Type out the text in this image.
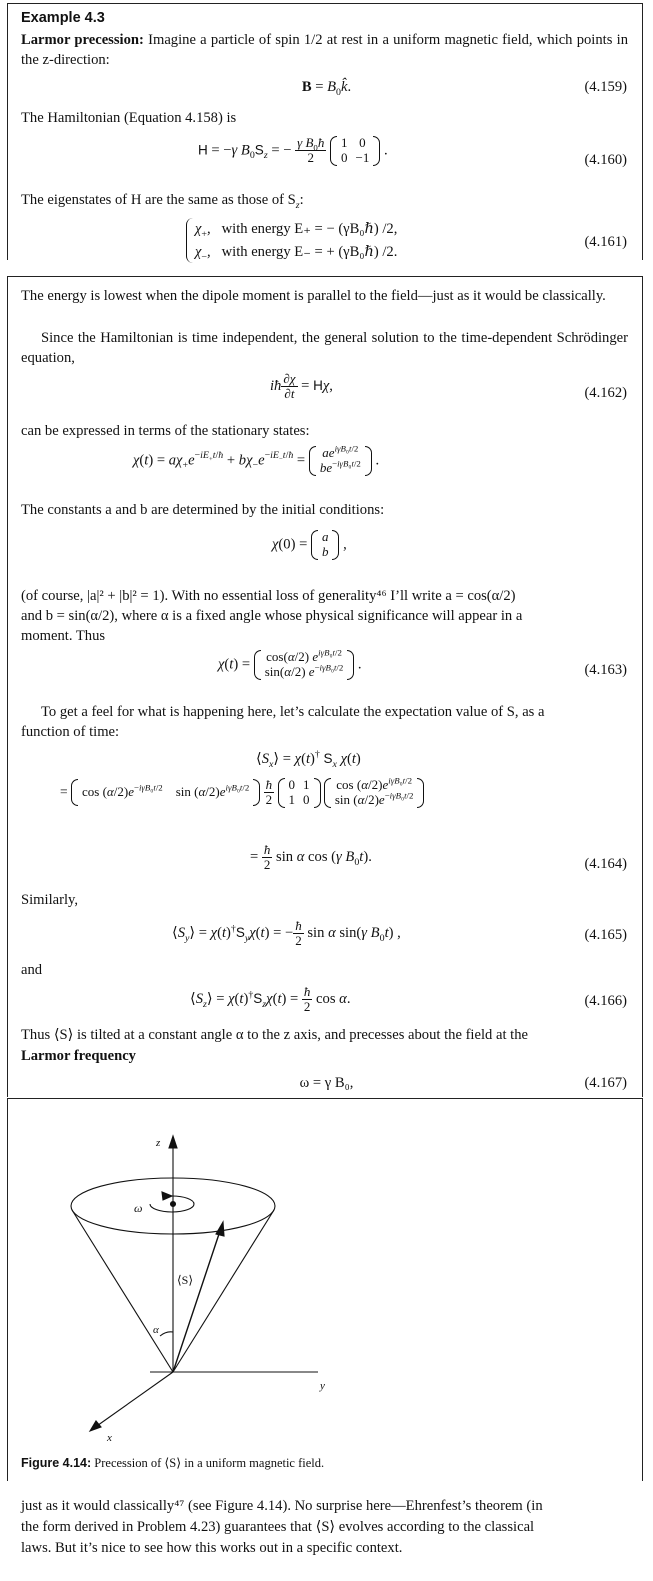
Example 4.3
Larmor precession: Imagine a particle of spin 1/2 at rest in a uniform magnetic field, which points in the z-direction:
$B = B_0k̂$.	(4.159)
The Hamiltonian (Equation 4.158) is
H = −γ $B_0S_z$ = − $\frac{\gamma B_0ħ}{2}$
1	0
0	−1 .
(4.160)
The eigenstates of H are the same as those of $S_z$:
$\chi_+$,   with energy E₊ = − (γB₀ℏ) /2,
$\chi_-$,   with energy E₋ = + (γB₀ℏ) /2.
(4.161)
The energy is lowest when the dipole moment is parallel to the field—just as it would be classically.
Since the Hamiltonian is time independent, the general solution to the time-dependent Schrödinger equation,
iħ $\frac{\partial\chi}{\partial t} = H\chi$,	(4.162)
can be expressed in terms of the stationary states:
$\chi(t) = a\chi_+e^{-iE_+t/ħ} + b\chi_-e^{-iE_-t/ħ} = ae^{i\gamma B_0t/2}$
$be^{-i\gamma B_0t/2}$ .
The constants a and b are determined by the initial conditions:
χ(0) = a
b ,
(of course, |a|² + |b|² = 1). With no essential loss of generality⁴⁶ I’ll write a = cos(α/2)
and b = sin(α/2), where α is a fixed angle whose physical significance will appear in a
moment. Thus
χ(t) = cos(α/2) $e^{i\gamma B_0t/2}$
sin(α/2) $e^{-i\gamma B_0t/2}$ .	(4.163)
To get a feel for what is happening here, let’s calculate the expectation value of S, as a
function of time:
$⟨S_x⟩ = \chi(t)^\dagger$ $S_x$ χ(t)
= $\cos (\alpha/2)e^{-i\gamma B_0t/2}$    $\sin (\alpha/2)e^{i\gamma B_0t/2} \frac{ħ}{2}$
0	1
1	0

$\cos (\alpha/2)e^{i\gamma B_0t/2}$
$\sin (\alpha/2)e^{-i\gamma B_0t/2}$
= $\frac{ħ}{2}$ sin α cos (γ $B_0t$).	(4.164)
Similarly,
$⟨S_y⟩ = \chi(t)^\dagger S_y\chi(t)$ = − $\frac{ħ}{2}$ sin α sin(γ $B_0t$) ,	(4.165)
and
$⟨S_z⟩ = \chi(t)^\dagger S_z\chi(t) = \frac{ħ}{2}$ cos α.	(4.166)
Thus ⟨S⟩ is tilted at a constant angle α to the z axis, and precesses about the field at the
Larmor frequency
ω = γ B₀,	(4.167)
z
y
x
ω
⟨S⟩
α
Figure 4.14: Precession of ⟨S⟩ in a uniform magnetic field.
just as it would classically⁴⁷ (see Figure 4.14). No surprise here—Ehrenfest’s theorem (in
the form derived in Problem 4.23) guarantees that ⟨S⟩ evolves according to the classical
laws. But it’s nice to see how this works out in a specific context.
